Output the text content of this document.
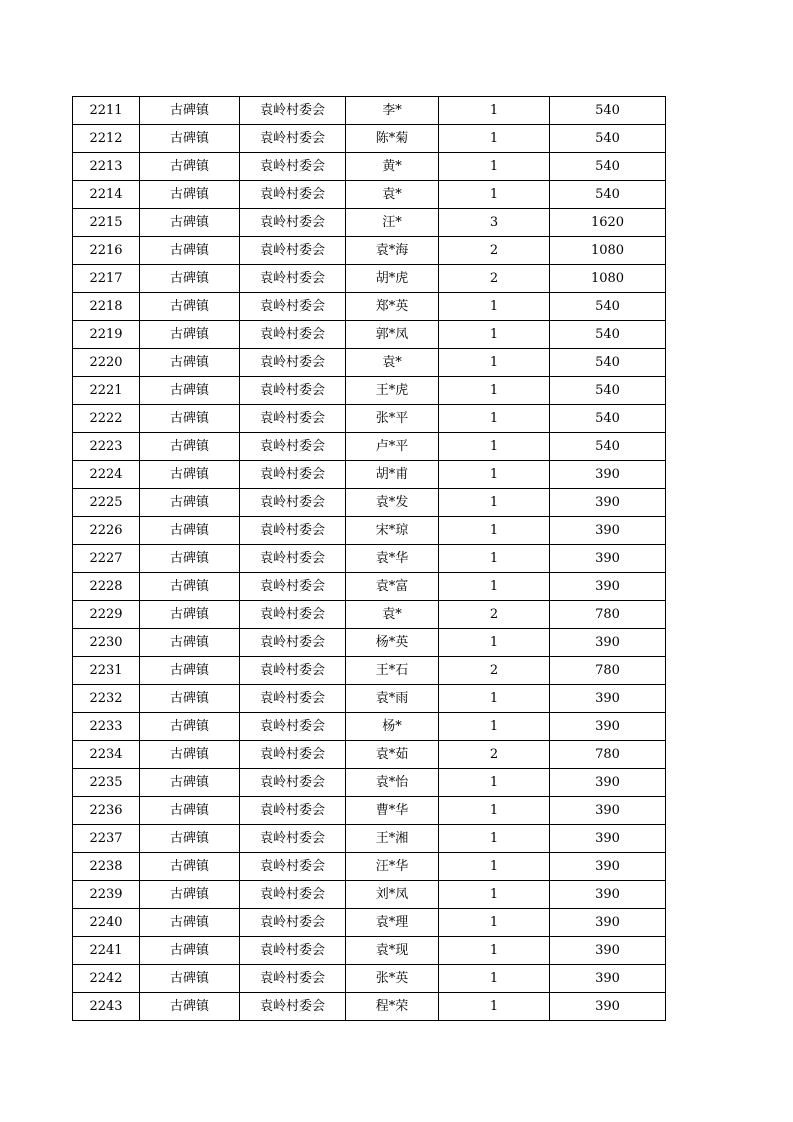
2211	古碑镇	袁岭村委会	李*	1	540
2212	古碑镇	袁岭村委会	陈*菊	1	540
2213	古碑镇	袁岭村委会	黄*	1	540
2214	古碑镇	袁岭村委会	袁*	1	540
2215	古碑镇	袁岭村委会	汪*	3	1620
2216	古碑镇	袁岭村委会	袁*海	2	1080
2217	古碑镇	袁岭村委会	胡*虎	2	1080
2218	古碑镇	袁岭村委会	郑*英	1	540
2219	古碑镇	袁岭村委会	郭*凤	1	540
2220	古碑镇	袁岭村委会	袁*	1	540
2221	古碑镇	袁岭村委会	王*虎	1	540
2222	古碑镇	袁岭村委会	张*平	1	540
2223	古碑镇	袁岭村委会	卢*平	1	540
2224	古碑镇	袁岭村委会	胡*甫	1	390
2225	古碑镇	袁岭村委会	袁*发	1	390
2226	古碑镇	袁岭村委会	宋*琼	1	390
2227	古碑镇	袁岭村委会	袁*华	1	390
2228	古碑镇	袁岭村委会	袁*富	1	390
2229	古碑镇	袁岭村委会	袁*	2	780
2230	古碑镇	袁岭村委会	杨*英	1	390
2231	古碑镇	袁岭村委会	王*石	2	780
2232	古碑镇	袁岭村委会	袁*雨	1	390
2233	古碑镇	袁岭村委会	杨*	1	390
2234	古碑镇	袁岭村委会	袁*茹	2	780
2235	古碑镇	袁岭村委会	袁*怡	1	390
2236	古碑镇	袁岭村委会	曹*华	1	390
2237	古碑镇	袁岭村委会	王*湘	1	390
2238	古碑镇	袁岭村委会	汪*华	1	390
2239	古碑镇	袁岭村委会	刘*凤	1	390
2240	古碑镇	袁岭村委会	袁*理	1	390
2241	古碑镇	袁岭村委会	袁*现	1	390
2242	古碑镇	袁岭村委会	张*英	1	390
2243	古碑镇	袁岭村委会	程*荣	1	390
